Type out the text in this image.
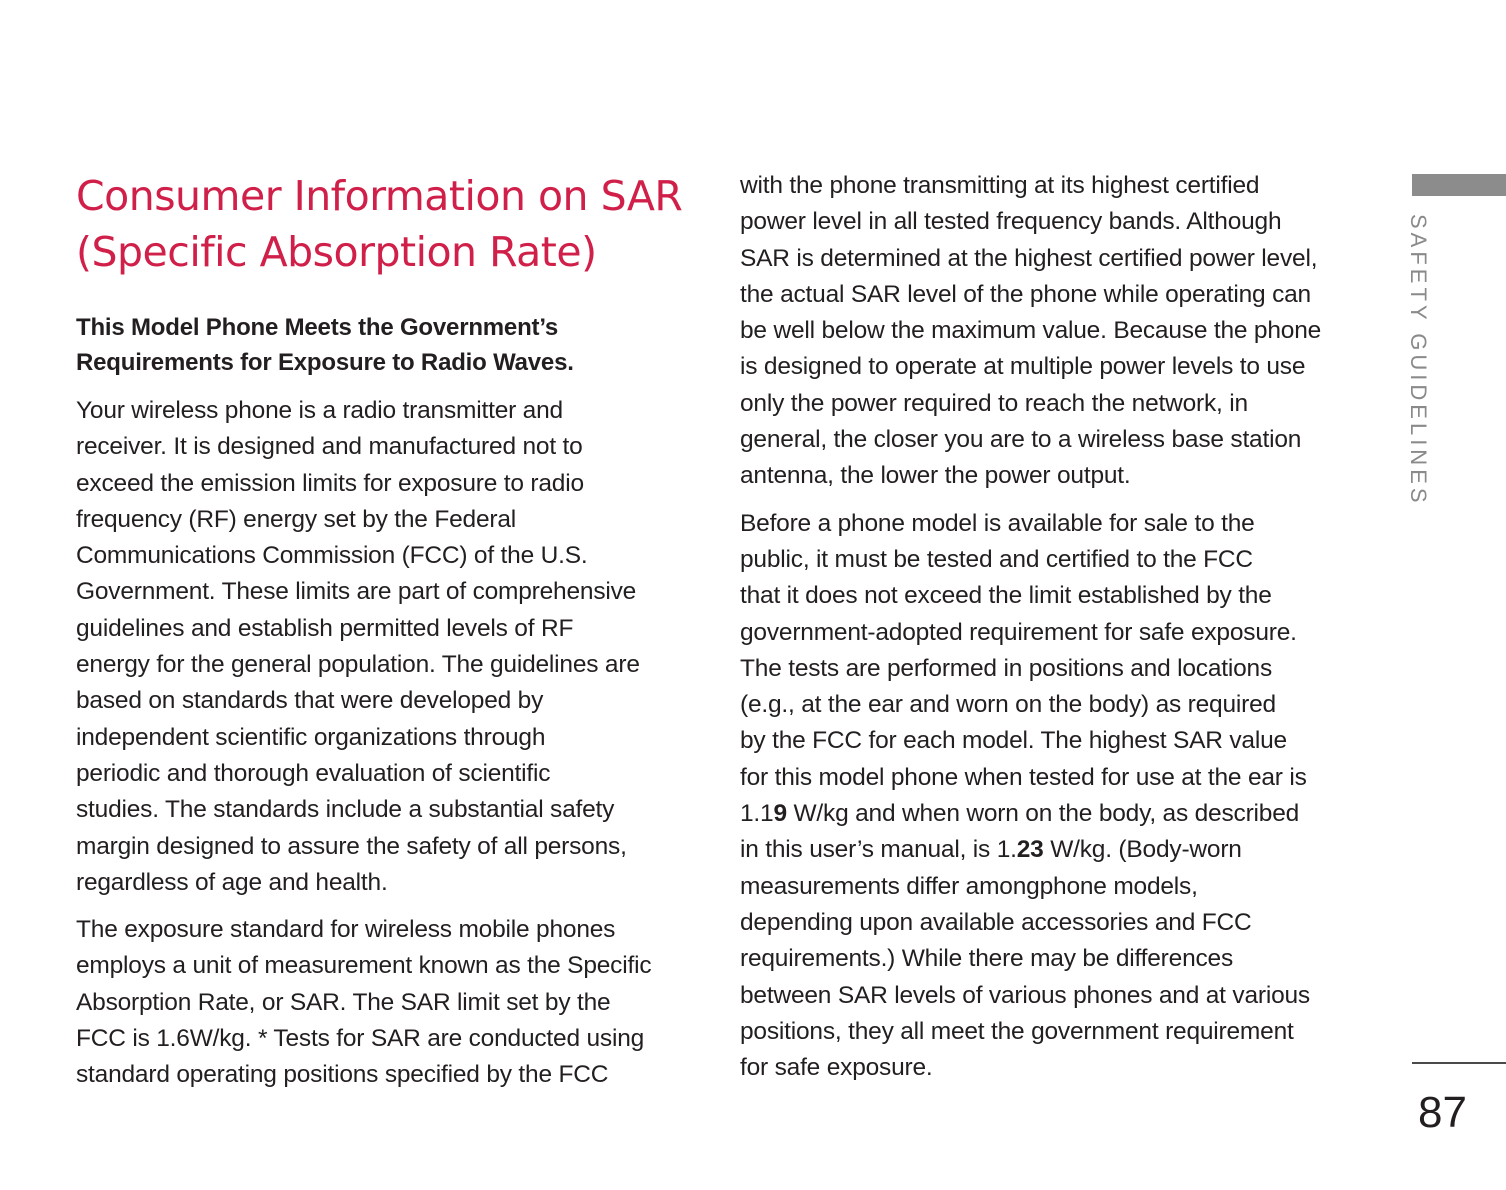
Consumer Information on SAR
(Specific Absorption Rate)

This Model Phone Meets the Government’s
Requirements for Exposure to Radio Waves.

Your wireless phone is a radio transmitter and
receiver. It is designed and manufactured not to
exceed the emission limits for exposure to radio
frequency (RF) energy set by the Federal
Communications Commission (FCC) of the U.S.
Government. These limits are part of comprehensive
guidelines and establish permitted levels of RF
energy for the general population. The guidelines are
based on standards that were developed by
independent scientific organizations through
periodic and thorough evaluation of scientific
studies. The standards include a substantial safety
margin designed to assure the safety of all persons,
regardless of age and health.

The exposure standard for wireless mobile phones
employs a unit of measurement known as the Specific
Absorption Rate, or SAR. The SAR limit set by the
FCC is 1.6W/kg. * Tests for SAR are conducted using
standard operating positions specified by the FCC

with the phone transmitting at its highest certified
power level in all tested frequency bands. Although
SAR is determined at the highest certified power level,
the actual SAR level of the phone while operating can
be well below the maximum value. Because the phone
is designed to operate at multiple power levels to use
only the power required to reach the network, in
general, the closer you are to a wireless base station
antenna, the lower the power output.

Before a phone model is available for sale to the
public, it must be tested and certified to the FCC
that it does not exceed the limit established by the
government-adopted requirement for safe exposure.
The tests are performed in positions and locations
(e.g., at the ear and worn on the body) as required
by the FCC for each model. The highest SAR value
for this model phone when tested for use at the ear is
1.19 W/kg and when worn on the body, as described
in this user’s manual, is 1.23 W/kg. (Body-worn
measurements differ amongphone models,
depending upon available accessories and FCC
requirements.) While there may be differences
between SAR levels of various phones and at various
positions, they all meet the government requirement
for safe exposure.

SAFETY GUIDELINES
87
